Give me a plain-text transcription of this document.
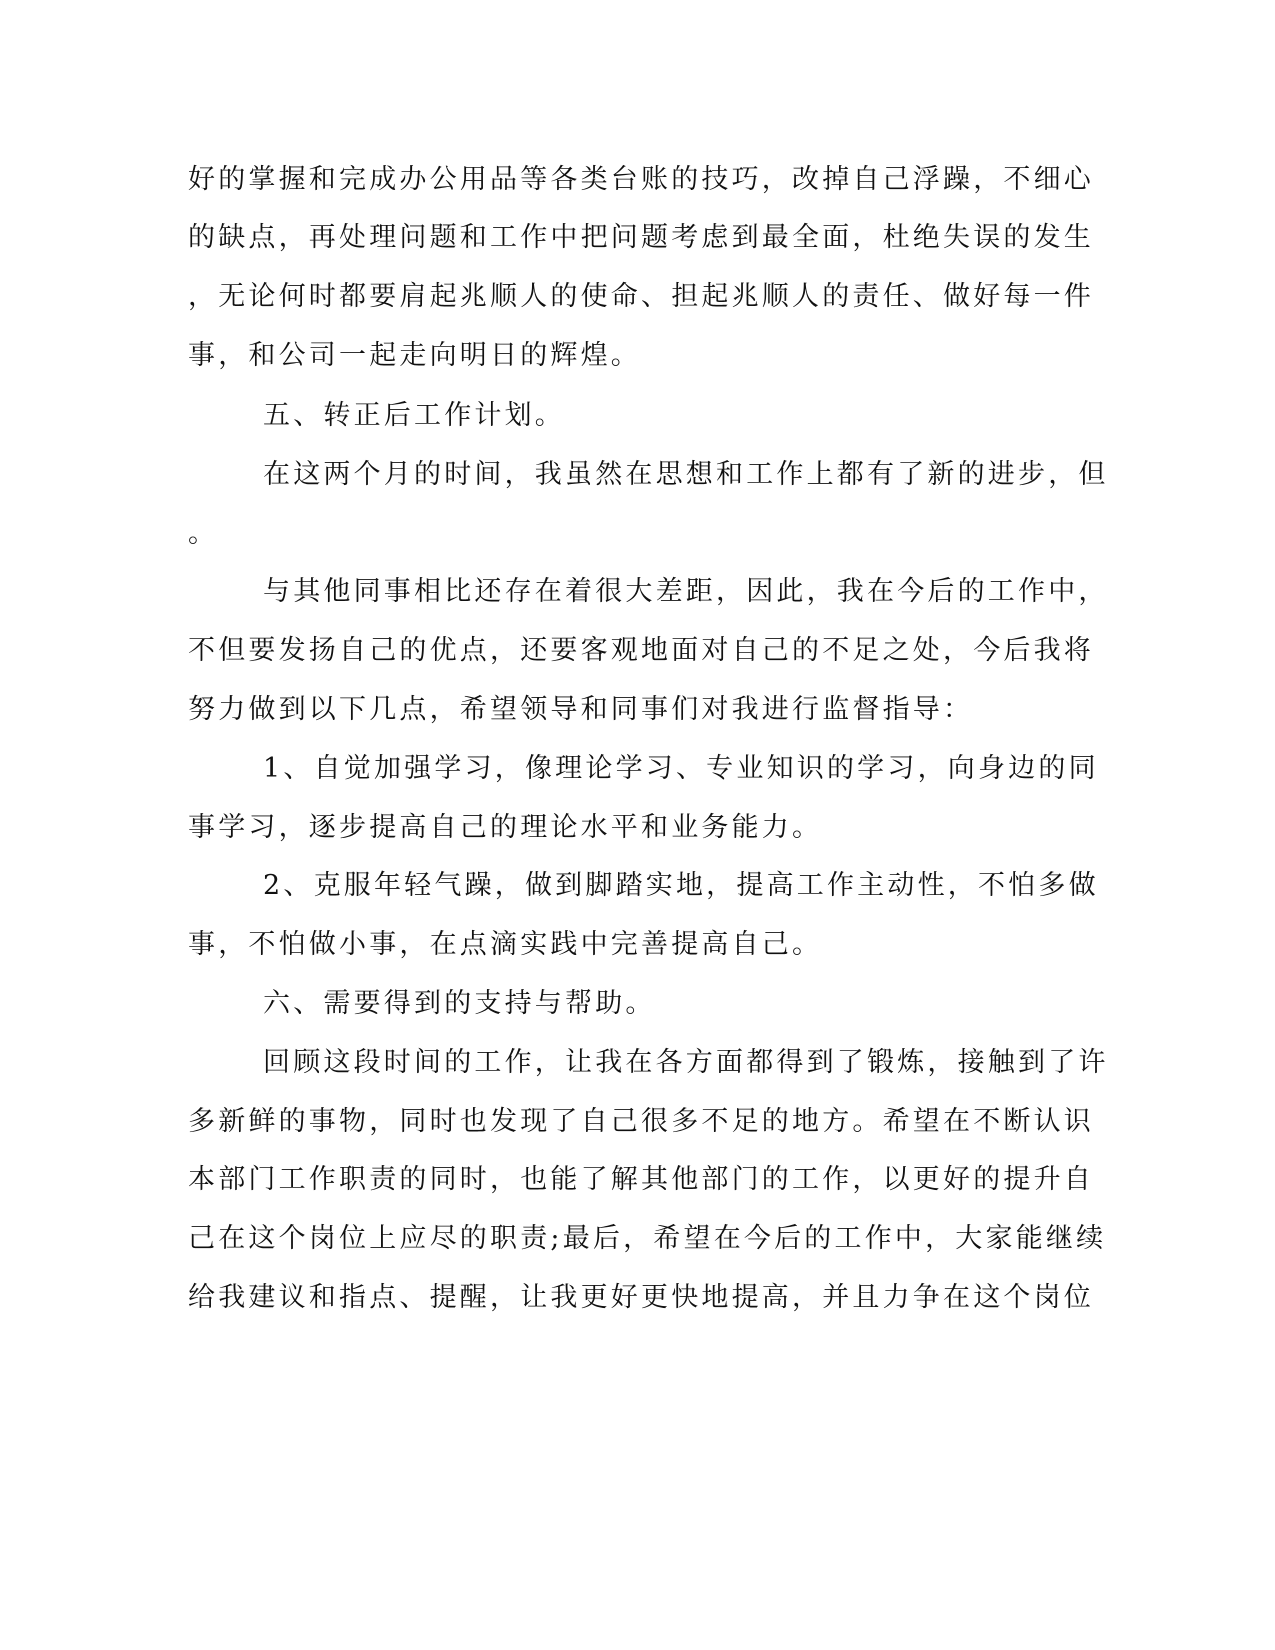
好的掌握和完成办公用品等各类台账的技巧，改掉自己浮躁，不细心
的缺点，再处理问题和工作中把问题考虑到最全面，杜绝失误的发生
，无论何时都要肩起兆顺人的使命、担起兆顺人的责任、做好每一件
事，和公司一起走向明日的辉煌。
五、转正后工作计划。
在这两个月的时间，我虽然在思想和工作上都有了新的进步，但
。
与其他同事相比还存在着很大差距，因此，我在今后的工作中，
不但要发扬自己的优点，还要客观地面对自己的不足之处，今后我将
努力做到以下几点，希望领导和同事们对我进行监督指导：
1、自觉加强学习，像理论学习、专业知识的学习，向身边的同
事学习，逐步提高自己的理论水平和业务能力。
2、克服年轻气躁，做到脚踏实地，提高工作主动性，不怕多做
事，不怕做小事，在点滴实践中完善提高自己。
六、需要得到的支持与帮助。
回顾这段时间的工作，让我在各方面都得到了锻炼，接触到了许
多新鲜的事物，同时也发现了自己很多不足的地方。希望在不断认识
本部门工作职责的同时，也能了解其他部门的工作，以更好的提升自
己在这个岗位上应尽的职责;最后，希望在今后的工作中，大家能继续
给我建议和指点、提醒，让我更好更快地提高，并且力争在这个岗位
